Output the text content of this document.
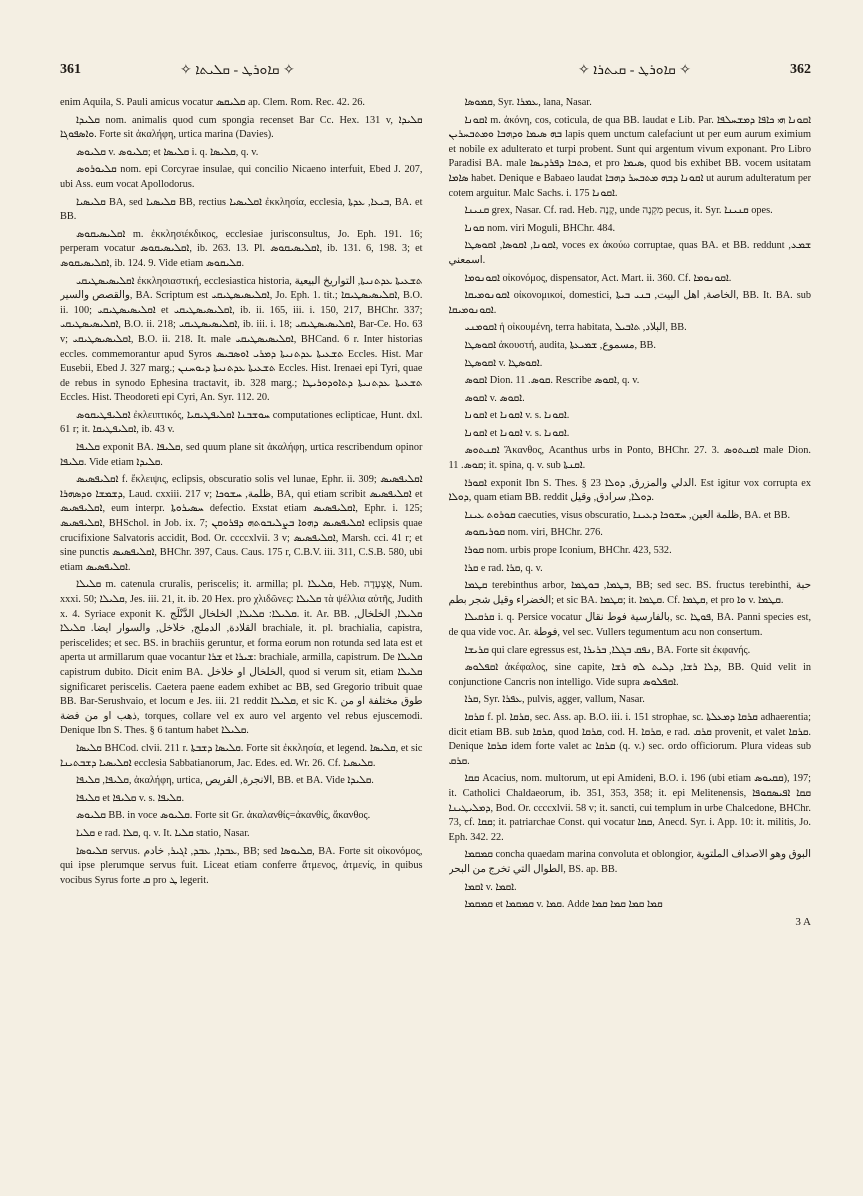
361	✧ ܩܐܘܪܛ - ܩܠܝܬܐ ✧	✧ ܩܐܘܪܛ - ܩܝܬܪܐ ✧	362

enim Aquila, S. Pauli amicus vocatur ܩܠܝܩܣ ap. Clem. Rom. Rec. 42. 26.

ܩܠܝܕܐ nom. animalis quod cum spongia recenset Bar Cc. Hex. 131 v, ܩܠܝܕܐ ܘܐܣܦܘܓܐ. Forte sit ἀκαλήφη, urtica marina (Davies).

ܩܠܝܘܣ v. ܩܠܝܘܣ; et ܩܠܝܣܐ i. q. ܩܠܝܣܐ, q. v.

ܩܠܝܘܪܘܣ nom. epi Corcyrae insulae, qui concilio Nicaeno interfuit, Ebed J. 207, ubi Ass. eum vocat Apollodorus.

ܩܠܝܣܝܐ BA, sed ܩܠܝܣܝܐ BB, rectius ܐܩܠܝܣܝܐ ἐκκλησία, ecclesia, ܒܝܥܐ, ܥܕܬܐ, BA. et BB.

ܐܩܠܝܣܝܩܘܣ m. ἐκκλησιέκδικος, ecclesiae jurisconsultus, Jo. Eph. 191. 16; perperam vocatur ܐܩܠܝܣܝܩܘܣ, ib. 263. 13. Pl. ܐܩܠܝܣܝܩܘܣ, ib. 131. 6, 198. 3; et ܐܩܠܝܣܝܩܘܣ, ib. 124. 9. Vide etiam ܩܠܝܩܘܣ.

ܐܩܠܝܣܝܣܛܝܩܝ ἐκκλησιαστική, ecclesiastica historia, ܬܫܥܝܬܐ ܥܕܬܢܝܬܐ, التواريخ البيعية والقصص والسير, BA. Scriptum est ܐܩܠܝܣܝܣܛܝܩܝ, Jo. Eph. 1. tit.; ܐܩܠܝܣܝܣܛܝܩܐ, B.O. ii. 100; ܐܩܠܝܣܝܣܛܝܩܝ et ܐܩܠܝܣܝܣܛܝܩܝ, ib. ii. 165, iii. i. 150, 217, BHChr. 337; ܐܩܠܝܣܝܣܛܝܩܝ, B.O. ii. 218; ܐܩܠܝܣܝܣܛܝܩܝ, ib. iii. i. 18; ܐܩܠܝܣܝܣܛܝܩܝ, Bar-Ce. Ho. 63 v; ܐܩܠܝܣܝܣܛܝܩܝ, B.O. ii. 218. It. male ܐܩܠܝܣܝܣܛܝܩܝ, BHCand. 6 r. Inter historias eccles. commemorantur apud Syros ܬܫܥܝܬܐ ܥܕܬܢܝܬܐ ܕܡܪܝ ܐܘܣܒܝܣ Eccles. Hist. Mar Eusebii, Ebed J. 327 marg.; ܬܫܥܝܬܐ ܥܕܬܢܝܬܐ ܕܝܘܚܢܢ Eccles. Hist. Irenaei epi Tyri, quae de rebus in synodo Ephesina tractavit, ib. 328 marg.; ܬܫܥܝܬܐ ܥܕܬܢܝܬܐ ܕܬܐܘܕܘܪܝܛܐ Eccles. Hist. Theodoreti epi Cyri, An. Syr. 112. 20.

ܐܩܠܝܦܛܝܩܘܣ ἐκλειπτικός, ܚܘܫܒܢܐ ܐܩܠܝܦܛܝܩܝܐ computationes eclipticae, Hunt. dxl. 61 r; it. ܐܩܠܝܦܛܝܩܐ, ib. 43 v.

ܩܠܝܦܐ exponit BA. ܩܠܝܦܐ, sed quum plane sit ἀκαλήφη, urtica rescribendum opinor ܩܠܝܦܐ. Vide etiam ܩܠܝܕܐ.

ܐܩܠܝܦܣܝܣ f. ἔκλειψις, eclipsis, obscuratio solis vel lunae, Ephr. ii. 309; ܐܩܠܝܦܣܝܣ ܕܫܡܫܐ ܘܕܣܗܪܐ, Laud. cxxiii. 217 v; ظلمة, ܚܫܘܟܐ, BA, qui etiam scribit ܐܩܠܝܦܣܝܣ et ܐܩܠܝܦܣܝܣ, eum interpr. ܚܣܝܪܘܬܐ defectio. Exstat etiam ܐܩܠܝܦܣܝܣ, Ephr. i. 125; ܐܩܠܝܦܣܝܣ, BHSchol. in Job. ix. 7; ܐܩܠܝܦܣܝܣ ܕܗܘܐ ܒܨܠܝܒܘܬܗ ܕܦܪܘܩܢ eclipsis quae crucifixione Salvatoris accidit, Bod. Or. ccccxlvii. 3 v; ܐܩܠܝܦܣܝܣ, Marsh. cci. 41 r; et sine punctis ܐܩܠܝܦܣܝܣ, BHChr. 397, Caus. Caus. 175 r, C.B.V. iii. 311, C.S.B. 580, ubi etiam ܐܩܠܝܦܣܝܣ.

ܩܠܝܠܐ m. catenula cruralis, periscelis; it. armilla; pl. ܩܠܝܠܐ, Heb. אֶצְעָדָה, Num. xxxi. 50; ܩܠܝܠܐ, Jes. iii. 21, it. ib. 20 Hex. pro χλιδῶνες: ܩܠܝܠܐ τὰ ψέλλια αὐτῆς, Judith x. 4. Syriace exponit K. ܩܠܝܠܐ: ܩܠܝܠܐ, الخلخال الدَّنْلَج. it. Ar. BB. ܩܠܝܠܐ, الخلخال, القلادة, الدملج, خلاخل, والسوار ايضا. ܩܠܝܠܐ brachiale, it. pl. brachialia, capistra, periscelides; et sec. BS. in brachiis geruntur, et forma eorum non rotunda sed lata est et aperta ut armillarum quae vocantur ܫܪܐ et ܫܝܪܐ: brachiale, armilla, capistrum. De ܩܠܝܠܐ capistrum dubito. Dicit enim BA. الخلخال او خلاخل, quod si verum sit, etiam ܩܠܝܠܐ significaret periscelis. Caetera paene eadem exhibet ac BB, sed Gregorio tribuit quae BB. Bar-Serushvaio, et locum e Jes. iii. 21 reddit ܩܠܝܠܐ, et sic K. طوق مختلفة او من ذهب او من فضة, torques, collare vel ex auro vel argento vel rebus ejuscemodi. Denique Ibn S. Thes. § 6 tantum habet ܩܠܝܠܐ.

ܩܠܝܣܐ BHCod. clvii. 211 r. ܩܠܝܣܐ ܕܫܒܬܐ. Forte sit ἐκκλησία, et legend. ܩܠܝܣܐ, et sic ܐܩܠܝܣܝܐ ܕܫܒܬܝܢܐ ecclesia Sabbatianorum, Jac. Edes. ed. Wr. 26. Cf. ܩܠܝܣܝܐ.

ܩܠܝܦܐ, ܩܠܝܦܐ, ἀκαλήφη, urtica, الانجرة, القريص, BB. et BA. Vide ܩܠܝܕܐ.

ܩܠܝܦܐ et ܩܠܝܦܐ v. s. ܩܠܝܦܐ.

ܩܠܝܘܣ BB. in voce ܩܠܝܘܣ. Forte sit Gr. ἀκαλανθίς=ἀκανθίς, ἄκανθος.

ܩܠܝܐ e rad. ܩܠܐ, q. v. It. ܩܠܝܐ statio, Nasar.

ܩܠܝܘܣܐ servus. ܥܒܕܐ, ܥܒܕ, ܐܓܝܪ, خادم, BB; sed ܩܠܝܘܣܐ, BA. Forte sit οἰκονόμος, qui ipse plerumque servus fuit. Liceat etiam conferre ἄτμενος, ἀτμενίς, in quibus vocibus Syrus forte ܩ pro ܛ legerit.

ܩܡܘܣܐ, Syr. ܥܡܪܐ, lana, Nasar.

ܐܩܘܢܐ m. ἀκόνη, cos, coticula, de qua BB. laudat e Lib. Par. ܐܩܘܢܐ ܗܝ ܟܐܦܐ ܕܡܫܚܠܦܐ ܒܗ ܣܝܡܐ ܘܕܗܒܐ ܘܡܬܒܚܪܝܢ lapis quem unctum calefaciunt ut per eum aurum eximium et nobile ex adulterato et turpi probent. Sunt qui argentum vivum exponant. Pro Libro Paradisi BA. male ܟܬܒܐ ܕܦܪܕܝܣܐ, et pro ܣܝܡܐ, quod bis exhibet BB. vocem usitatam ܣܐܡܐ habet. Denique e Babaeo laudat ܐܩܘܢܐ ܕܒܗ ܡܬܒܚܪ ܕܗܒܐ ut aurum adulteratum per cotem arguitur. Malc Sachs. i. 175 ܐܩܘܢܐ.

ܩܢܝܢܐ grex, Nasar. Cf. rad. Heb. קָנָה, unde מִקְנֶה pecus, it. Syr. ܩܢܝܢܐ opes.

ܩܘܢܐ nom. viri Moguli, BHChr. 484.

ܐܩܘܢܐ, ܐܩܘܣܐ, ܐܩܘܣܛܐ, voces ex ἀκούω corruptae, quas BA. et BB. reddunt ܫܡܥ, اسمعني.

ܐܩܘܢܘܡܐ οἰκονόμος, dispensator, Act. Mart. ii. 360. Cf. ܐܩܘܢܘܡܐ.

ܐܩܘܢܘܡܝܩܐ οἰκονομικοί, domestici, الخاصة, اهل البيت, ܒܢܝ ܒܝܬܐ, BB. It. BA. sub ܐܩܘܢܘܡܝܩܐ.

ܐܩܘܡܢܝ ἡ οἰκουμένη, terra habitata, البلاد, ܬܐܒܝܠ, BB.

ܐܩܘܣܛܐ ἀκουστή, audita, مسموع, ܫܡܝܥܬܐ, BB.

ܐܩܘܣܛܐ v. ܐܩܘܣܛܐ.

ܐܩܘܣ Dion. ܩܘܣ. 11. Rescribe ܐܩܘܣ, q. v.

ܐܩܘܣ v. ܐܩܘܣ.

ܐܩܘܢܐ et ܐܩܘܢܐ v. s. ܐܩܘܢܐ.

ܐܩܘܢܐ et ܐܩܘܢܐ v. s. ܐܩܘܢܐ.

ܐܩܢܬܘܣ Ἄκανθος, Acanthus urbs in Ponto, BHChr. 27. 3. ܐܩܢܬܘܣ male Dion. ܩܘܣ. 11; it. spina, q. v. sub ܐܩܢܬܐ.

ܐܩܘܪܐ exponit Ibn S. Thes. § 23 الدلي والمزرق, ܕܘܠܐ. Est igitur vox corrupta ex ܕܘܠܐ, quam etiam BB. reddit ܕܘܠܐ, سرادق, وقيل.

ܩܘܪܘܬ ܥܝܢܐ caecuties, visus obscuratio, ظلمة العين, ܚܫܘܟܐ ܕܥܝܢܐ, BA. et BB.

ܩܘܪܝܩܘܣ nom. viri, BHChr. 276.

ܩܘܪܐ nom. urbis prope Iconium, BHChr. 423, 532.

ܩܪܐ e rad. ܩܪܐ, q. v.

ܩܛܡܐ terebinthus arbor, ܒܛܡܐ, ܒܘܛܡܐ, BB; sed sec. BS. fructus terebinthi, حبة الخضراء وقيل شجر بطم; et sic BA. ܩܛܡܐ; it. ܩܛܡܐ. Cf. ܩܛܡܐ, et pro ܘܐ v. ܩܛܡܐ.

ܩܪܩܝܠܐ i. q. Persice vocatur بالفارسية فوط نقال, sc. ܦܘܛܐ, BA. Panni species est, de qua vide voc. Ar. فوطة, vel sec. Vullers tegumentum acu non consertum.

ܩܪܝܫܐ qui clare egressus est, ܢܦܩ ܒܓܠܐ, ܒܪܝܪܐ, BA. Forte sit ἐκφανής.

ܐܩܦܠܘܣ ἀκέφαλος, sine capite, ܕܠܐ ܪܫܐ, ܕܠܝܬ ܠܗ ܪܫܐ, BB. Quid velit in conjunctione Cancris non intelligo. Vide supra ܐܩܦܠܘܣ.

ܩܪܐ, Syr. ܥܦܪܐ, pulvis, agger, vallum, Nasar.

ܩܪܩܐ f. pl. ܩܪܩܐ, sec. Ass. ap. B.O. iii. i. 151 strophae, sc. ܩܪܩܐ ܕܡܥܠܬܐ adhaerentia; dicit etiam BB. sub ܩܪܩܐ, quod ܩܪܩܐ, cod. H. ܩܪܩܐ, e rad. ܩܪܩ provenit, et valet ܩܪܩܐ. Denique ܩܪܩܐ idem forte valet ac ܩܪܩܐ (q. v.) sec. ordo officiorum. Plura videas sub ܩܪܩ.

ܩܩܐ Acacius, nom. multorum, ut epi Amideni, B.O. i. 196 (ubi etiam ܩܩܝܘܣ), 197; it. Catholici Chaldaeorum, ib. 351, 353, 358; it. epi Melitenensis, ܩܩܐ ܐܦܝܣܩܘܦܐ ܕܡܠܝܛܝܢܐ, Bod. Or. ccccxlvii. 58 v; it. sancti, cui templum in urbe Chalcedone, BHChr. 73, cf. ܩܩܐ; it. patriarchae Const. qui vocatur ܩܩܐ, Anecd. Syr. i. App. 10: it. militis, Jo. Eph. 342. 22.

ܩܡܩܡܐ concha quaedam marina convoluta et oblongior, البوق وهو الاصداف الملتوية الطوال التي تخرج من البحر, BS. ap. BB.

ܐܩܡܐ v. ܐܩܡܐ.

ܩܡܩܡܐ et ܩܡܩܡܐ v. ܩܡܐ. Adde ܩܡܐ ܩܡܐ ܩܡܐ ܩܡܐ

3 A
